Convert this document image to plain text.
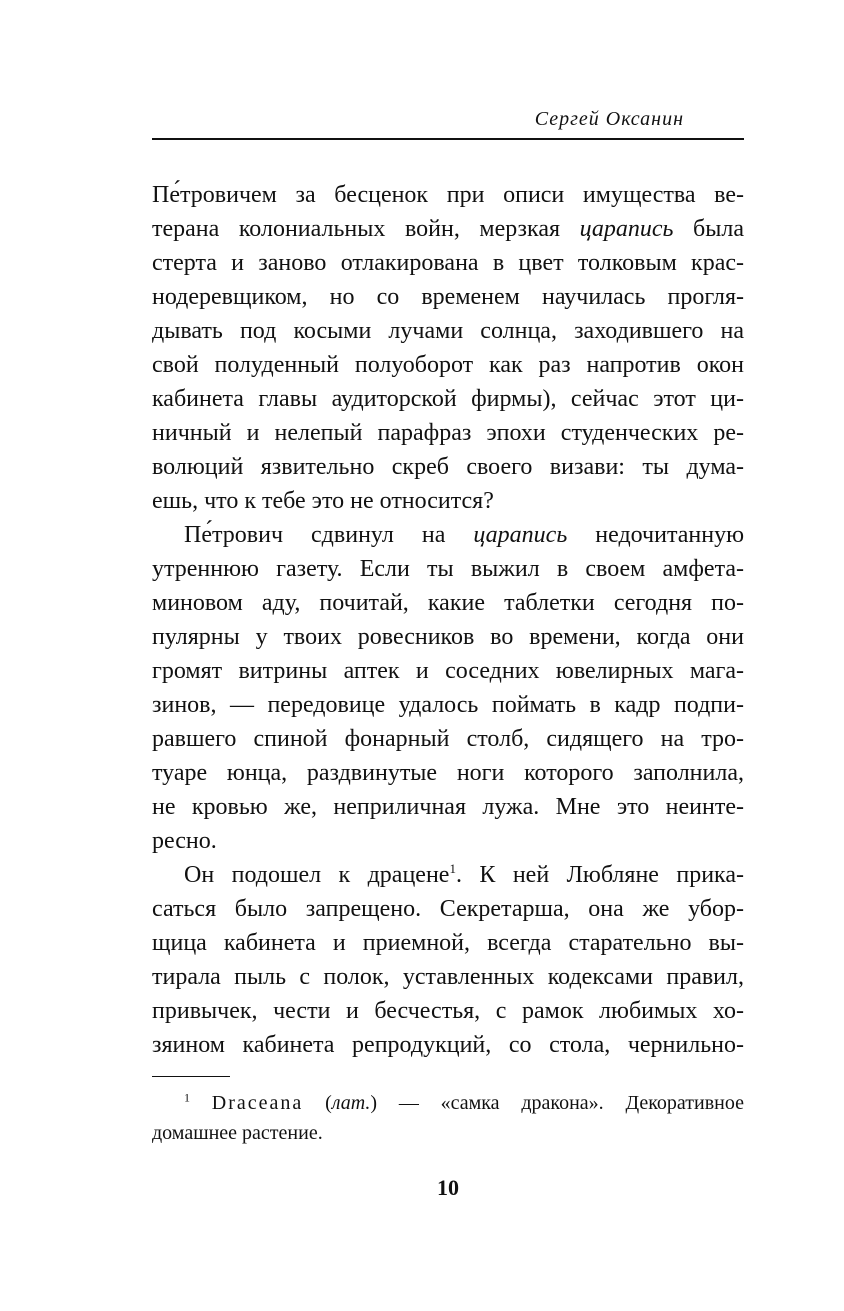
Сергей Оксанин
Пе́тровичем за бесценок при описи имущества ве-
терана колониальных войн, мерзкая царапись была
стерта и заново отлакирована в цвет толковым крас-
нодеревщиком, но со временем научилась прогля-
дывать под косыми лучами солнца, заходившего на
свой полуденный полуоборот как раз напротив окон
кабинета главы аудиторской фирмы), сейчас этот ци-
ничный и нелепый парафраз эпохи студенческих ре-
волюций язвительно скреб своего визави: ты дума-
ешь, что к тебе это не относится?
Пе́трович сдвинул на царапись недочитанную
утреннюю газету. Если ты выжил в своем амфета-
миновом аду, почитай, какие таблетки сегодня по-
пулярны у твоих ровесников во времени, когда они
громят витрины аптек и соседних ювелирных мага-
зинов, — передовице удалось поймать в кадр подпи-
равшего спиной фонарный столб, сидящего на тро-
туаре юнца, раздвинутые ноги которого заполнила,
не кровью же, неприличная лужа. Мне это неинте-
ресно.
Он подошел к драцене$^1$. К ней Любляне прика-
саться было запрещено. Секретарша, она же убор-
щица кабинета и приемной, всегда старательно вы-
тирала пыль с полок, уставленных кодексами правил,
привычек, чести и бесчестья, с рамок любимых хо-
зяином кабинета репродукций, со стола, чернильно-
$^1$ Draceana (лат.) — «самка дракона». Декоративное
домашнее растение.
10
